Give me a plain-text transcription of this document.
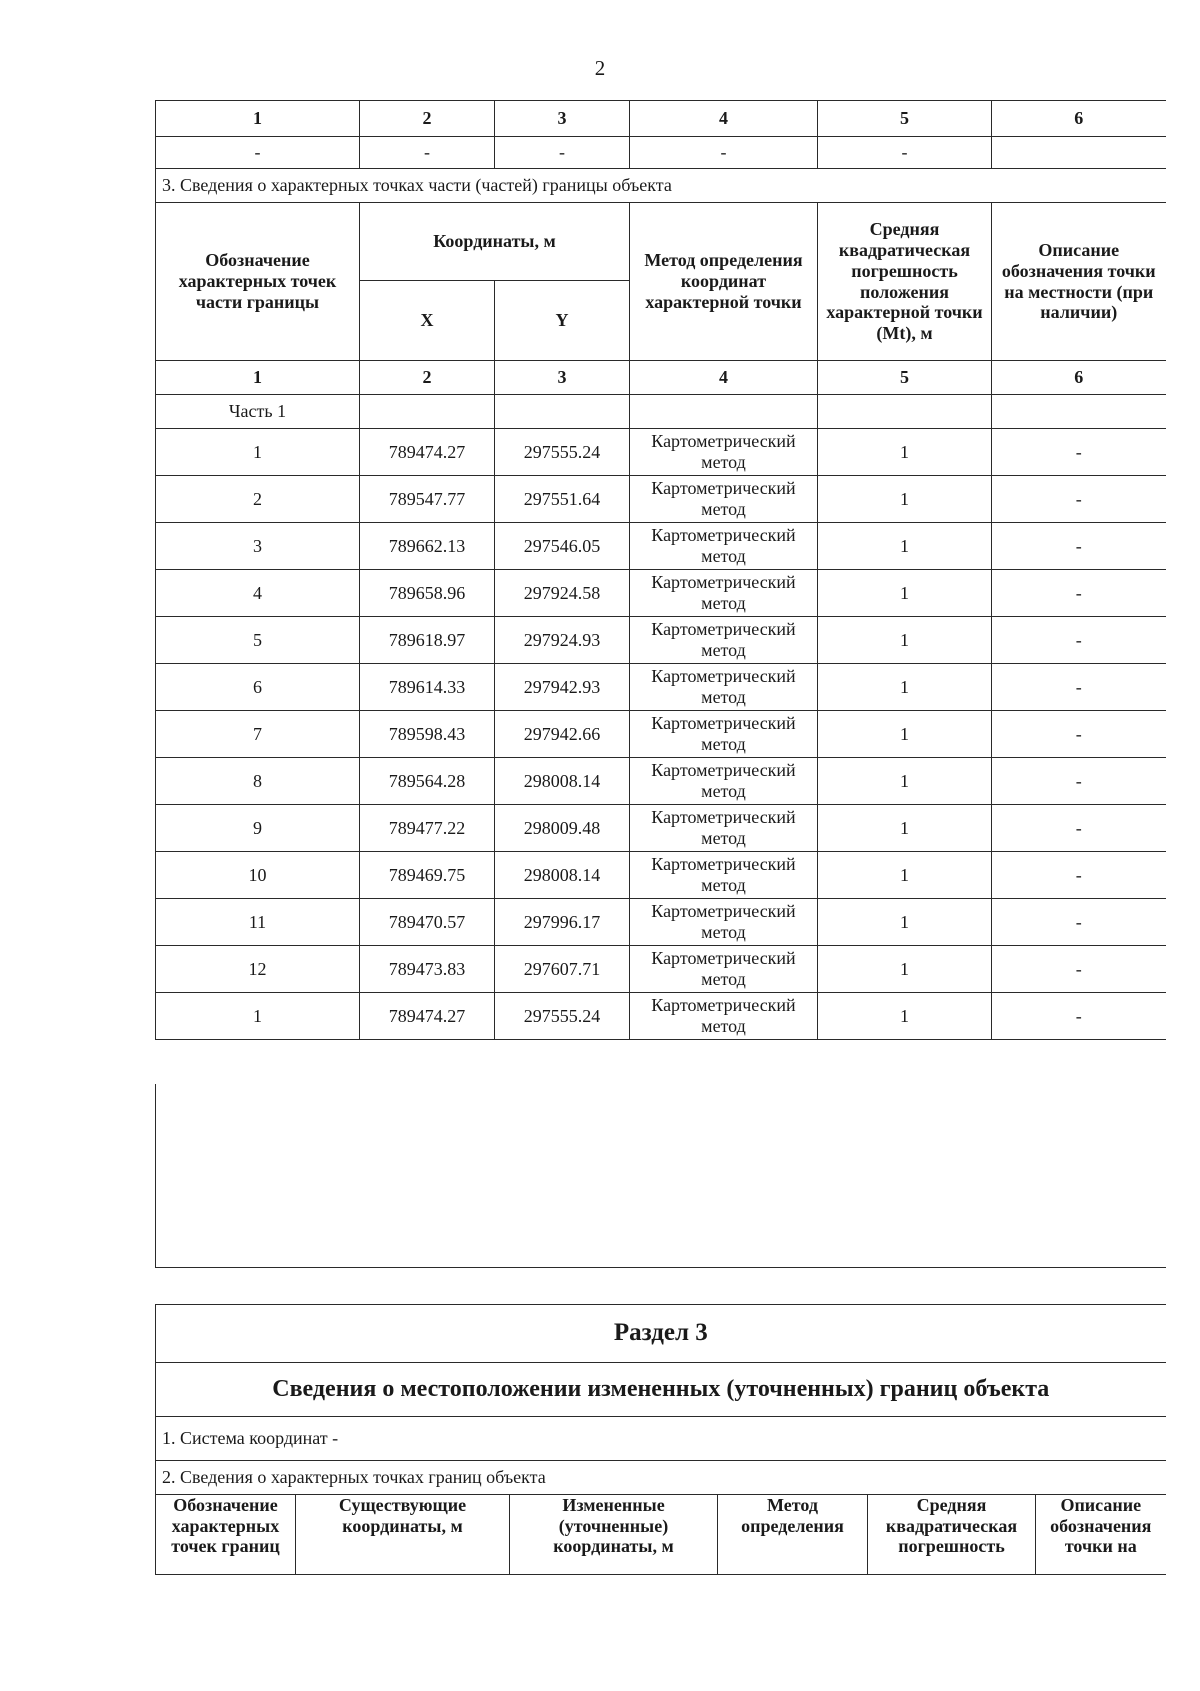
2
1	2	3	4	5	6
-	-	-	-	-	
3. Сведения о характерных точках части (частей) границы объекта					
Обозначение характерных точек части границы	Координаты, м		Метод определения координат характерной точки	Средняя квадратическая погрешность положения характерной точки (Mt), м	Описание обозначения точки на местности (при наличии)
	X	Y			
1	2	3	4	5	6
Часть 1					
1	789474.27	297555.24	Картометрический метод	1	-
2	789547.77	297551.64	Картометрический метод	1	-
3	789662.13	297546.05	Картометрический метод	1	-
4	789658.96	297924.58	Картометрический метод	1	-
5	789618.97	297924.93	Картометрический метод	1	-
6	789614.33	297942.93	Картометрический метод	1	-
7	789598.43	297942.66	Картометрический метод	1	-
8	789564.28	298008.14	Картометрический метод	1	-
9	789477.22	298009.48	Картометрический метод	1	-
10	789469.75	298008.14	Картометрический метод	1	-
11	789470.57	297996.17	Картометрический метод	1	-
12	789473.83	297607.71	Картометрический метод	1	-
1	789474.27	297555.24	Картометрический метод	1	-
Раздел 3
Сведения о местоположении измененных (уточненных) границ объекта
1. Система координат -
2. Сведения о характерных точках границ объекта
Обозначение характерных точек границ	Существующие координаты, м	Измененные (уточненные) координаты, м	Метод определения	Средняя квадратическая погрешность	Описание обозначения точки на
